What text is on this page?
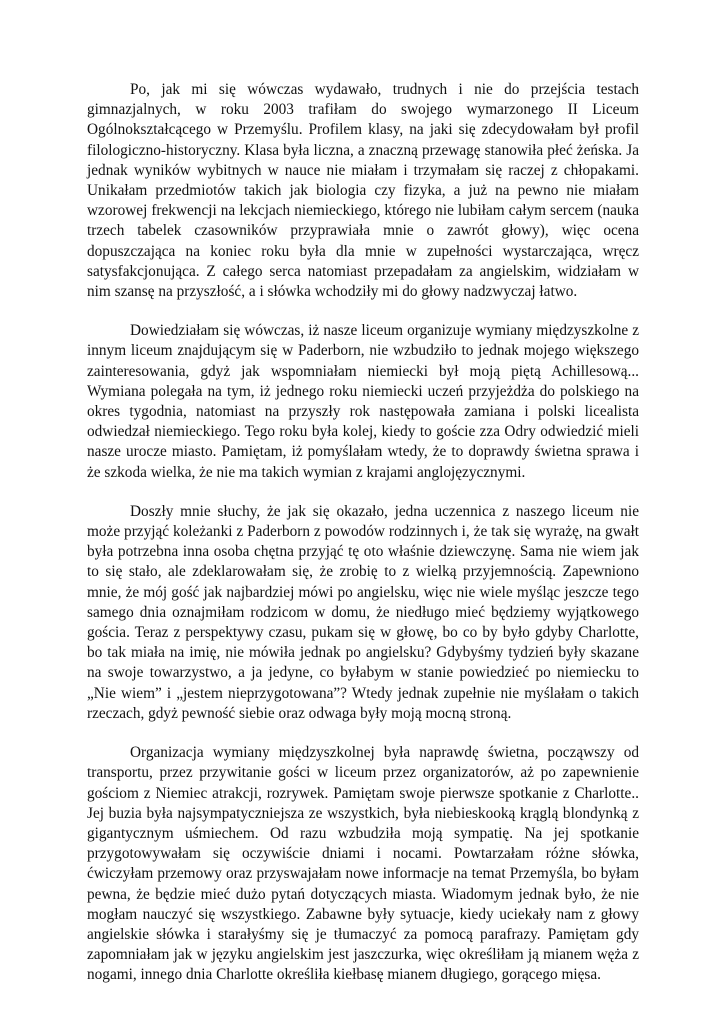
Po, jak mi się wówczas wydawało, trudnych i nie do przejścia testach gimnazjalnych, w roku 2003 trafiłam do swojego wymarzonego II Liceum Ogólnokształcącego w Przemyślu. Profilem klasy, na jaki się zdecydowałam był profil filologiczno-historyczny. Klasa była liczna, a znaczną przewagę stanowiła płeć żeńska. Ja jednak wyników wybitnych w nauce nie miałam i trzymałam się raczej z chłopakami. Unikałam przedmiotów takich jak biologia czy fizyka, a już na pewno nie miałam wzorowej frekwencji na lekcjach niemieckiego, którego nie lubiłam całym sercem (nauka trzech tabelek czasowników przyprawiała mnie o zawrót głowy), więc ocena dopuszczająca na koniec roku była dla mnie w zupełności wystarczająca, wręcz satysfakcjonująca. Z całego serca natomiast przepadałam za angielskim, widziałam w nim szansę na przyszłość, a i słówka wchodziły mi do głowy nadzwyczaj łatwo.

Dowiedziałam się wówczas, iż nasze liceum organizuje wymiany międzyszkolne z innym liceum znajdującym się w Paderborn, nie wzbudziło to jednak mojego większego zainteresowania, gdyż jak wspomniałam niemiecki był moją piętą Achillesową... Wymiana polegała na tym, iż jednego roku niemiecki uczeń przyjeżdża do polskiego na okres tygodnia, natomiast na przyszły rok następowała zamiana i polski licealista odwiedzał niemieckiego. Tego roku była kolej, kiedy to goście zza Odry odwiedzić mieli nasze urocze miasto. Pamiętam, iż pomyślałam wtedy, że to doprawdy świetna sprawa i że szkoda wielka, że nie ma takich wymian z krajami anglojęzycznymi.

Doszły mnie słuchy, że jak się okazało, jedna uczennica z naszego liceum nie może przyjąć koleżanki z Paderborn z powodów rodzinnych i, że tak się wyrażę, na gwałt była potrzebna inna osoba chętna przyjąć tę oto właśnie dziewczynę. Sama nie wiem jak to się stało, ale zdeklarowałam się, że zrobię to z wielką przyjemnością. Zapewniono mnie, że mój gość jak najbardziej mówi po angielsku, więc nie wiele myśląc jeszcze tego samego dnia oznajmiłam rodzicom w domu, że niedługo mieć będziemy wyjątkowego gościa. Teraz z perspektywy czasu, pukam się w głowę, bo co by było gdyby Charlotte, bo tak miała na imię, nie mówiła jednak po angielsku? Gdybyśmy tydzień były skazane na swoje towarzystwo, a ja jedyne, co byłabym w stanie powiedzieć po niemiecku to „Nie wiem” i „jestem nieprzygotowana”? Wtedy jednak zupełnie nie myślałam o takich rzeczach, gdyż pewność siebie oraz odwaga były moją mocną stroną.

Organizacja wymiany międzyszkolnej była naprawdę świetna, począwszy od transportu, przez przywitanie gości w liceum przez organizatorów, aż po zapewnienie gościom z Niemiec atrakcji, rozrywek. Pamiętam swoje pierwsze spotkanie z Charlotte.. Jej buzia była najsympatyczniejsza ze wszystkich, była niebieskooką krąglą blondynką z gigantycznym uśmiechem. Od razu wzbudziła moją sympatię. Na jej spotkanie przygotowywałam się oczywiście dniami i nocami. Powtarzałam różne słówka, ćwiczyłam przemowy oraz przyswajałam nowe informacje na temat Przemyśla, bo byłam pewna, że będzie mieć dużo pytań dotyczących miasta. Wiadomym jednak było, że nie mogłam nauczyć się wszystkiego. Zabawne były sytuacje, kiedy uciekały nam z głowy angielskie słówka i starałyśmy się je tłumaczyć za pomocą parafrazy. Pamiętam gdy zapomniałam jak w języku angielskim jest jaszczurka, więc określiłam ją mianem węża z nogami, innego dnia Charlotte określiła kiełbasę mianem długiego, gorącego mięsa.
